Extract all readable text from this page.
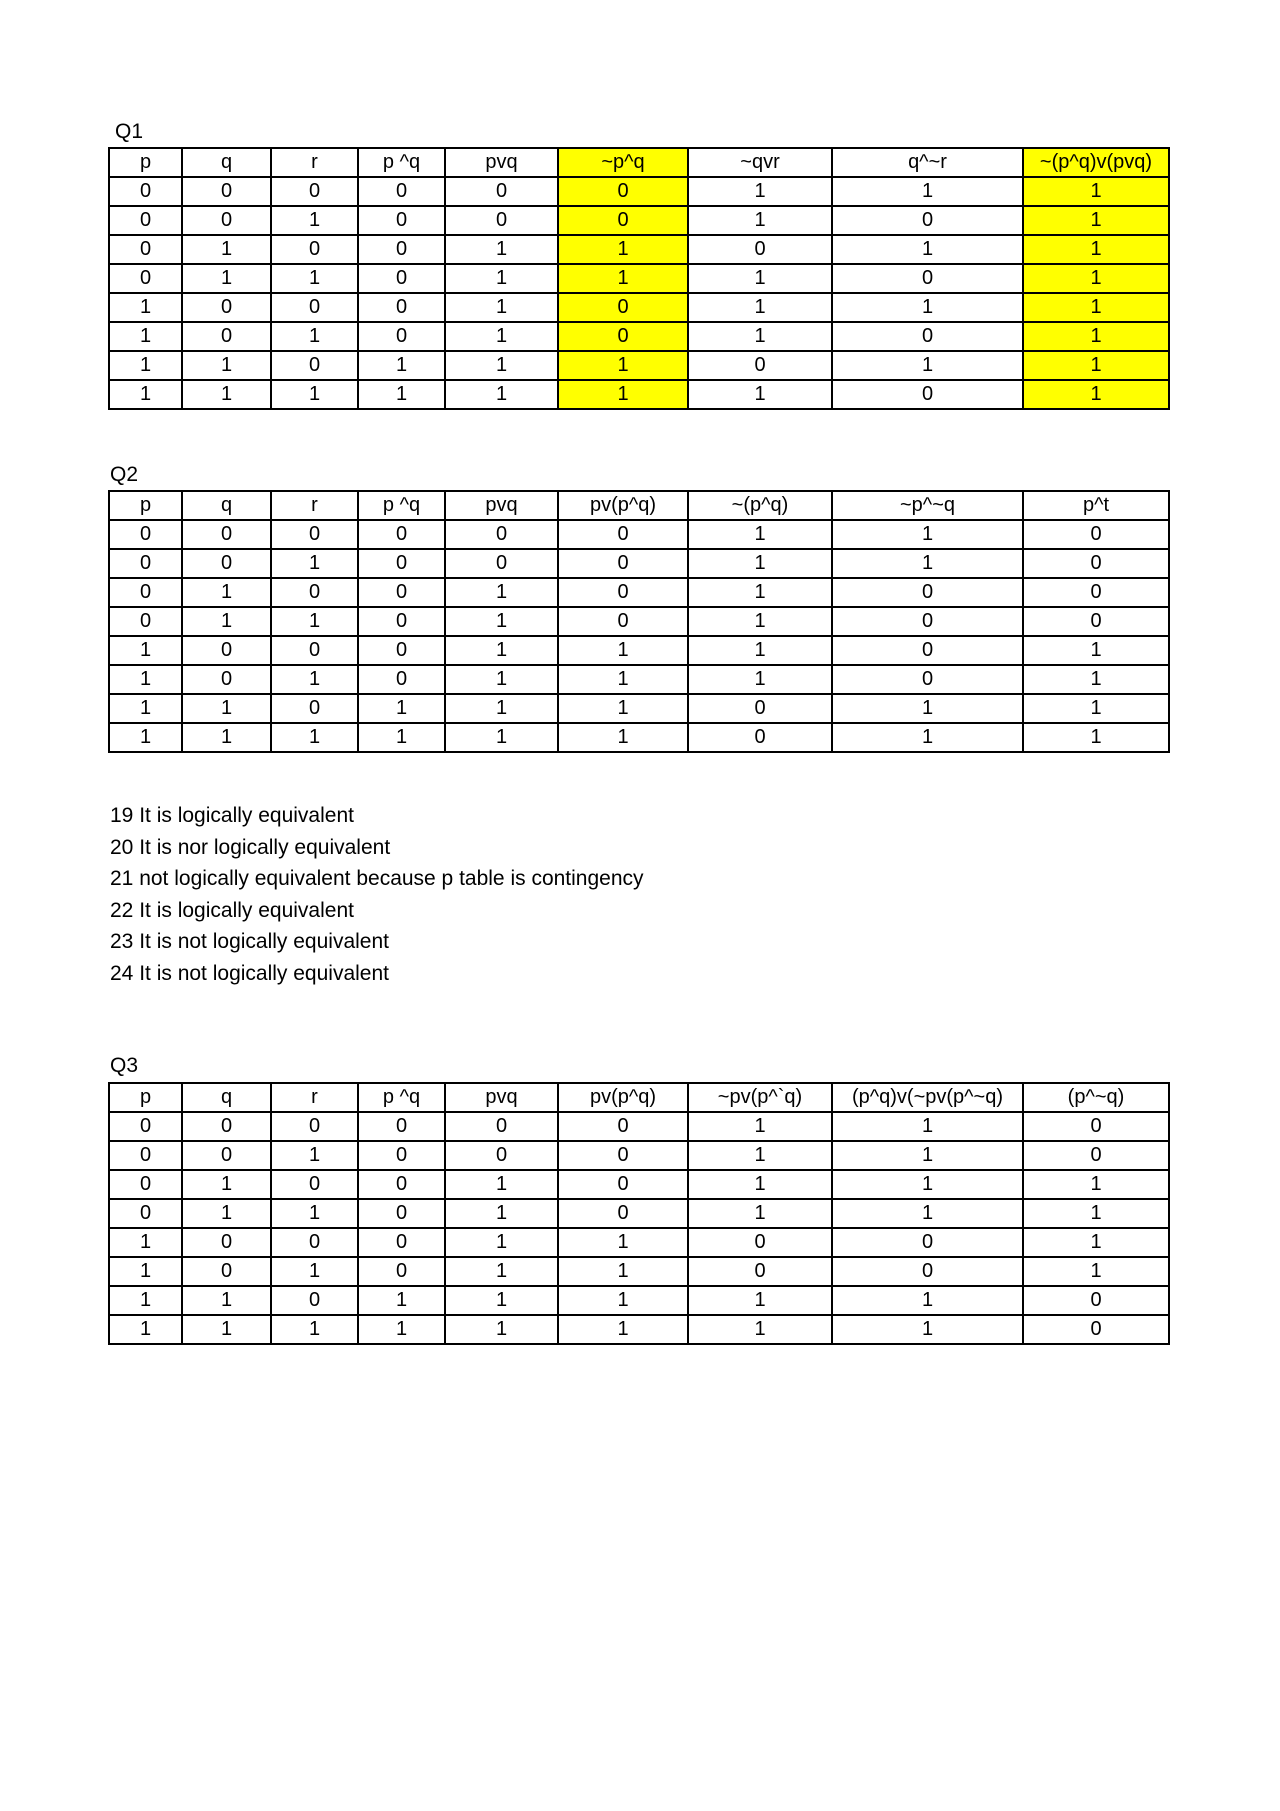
Q1
p	q	r	p ^q	pvq	~p^q	~qvr	q^~r	~(p^q)v(pvq)
0	0	0	0	0	0	1	1	1
0	0	1	0	0	0	1	0	1
0	1	0	0	1	1	0	1	1
0	1	1	0	1	1	1	0	1
1	0	0	0	1	0	1	1	1
1	0	1	0	1	0	1	0	1
1	1	0	1	1	1	0	1	1
1	1	1	1	1	1	1	0	1
Q2
p	q	r	p ^q	pvq	pv(p^q)	~(p^q)	~p^~q	p^t
0	0	0	0	0	0	1	1	0
0	0	1	0	0	0	1	1	0
0	1	0	0	1	0	1	0	0
0	1	1	0	1	0	1	0	0
1	0	0	0	1	1	1	0	1
1	0	1	0	1	1	1	0	1
1	1	0	1	1	1	0	1	1
1	1	1	1	1	1	0	1	1
19 It is logically equivalent
20 It is nor logically equivalent
21 not logically equivalent because p table is contingency
22 It is logically equivalent
23 It is not logically equivalent
24 It is not logically equivalent
Q3
p	q	r	p ^q	pvq	pv(p^q)	~pv(p^`q)	(p^q)v(~pv(p^~q)	(p^~q)
0	0	0	0	0	0	1	1	0
0	0	1	0	0	0	1	1	0
0	1	0	0	1	0	1	1	1
0	1	1	0	1	0	1	1	1
1	0	0	0	1	1	0	0	1
1	0	1	0	1	1	0	0	1
1	1	0	1	1	1	1	1	0
1	1	1	1	1	1	1	1	0
